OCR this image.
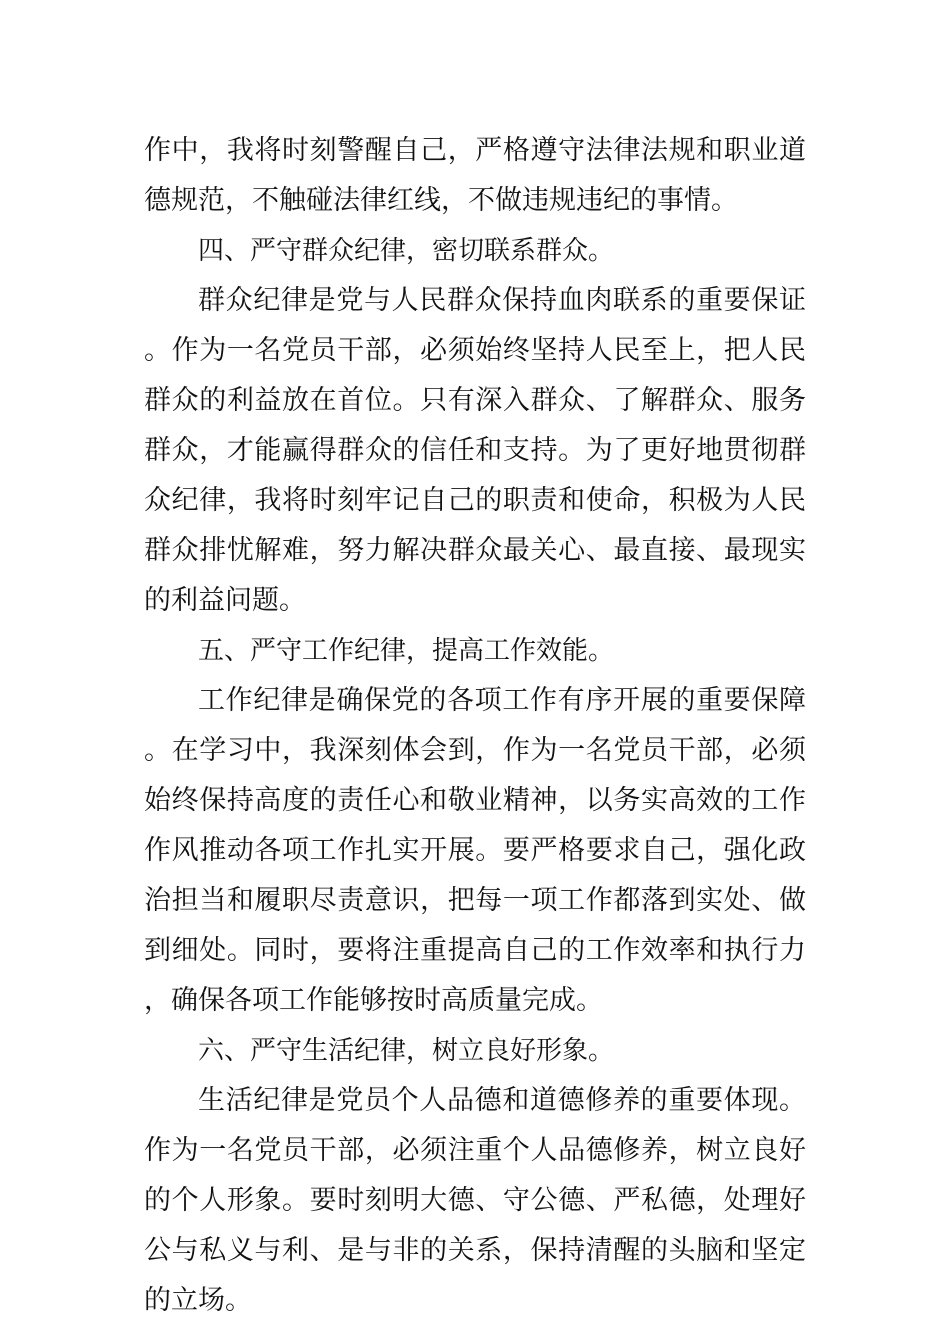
作中，我将时刻警醒自己，严格遵守法律法规和职业道德规范，不触碰法律红线，不做违规违纪的事情。

四、严守群众纪律，密切联系群众。

群众纪律是党与人民群众保持血肉联系的重要保证。作为一名党员干部，必须始终坚持人民至上，把人民群众的利益放在首位。只有深入群众、了解群众、服务群众，才能赢得群众的信任和支持。为了更好地贯彻群众纪律，我将时刻牢记自己的职责和使命，积极为人民群众排忧解难，努力解决群众最关心、最直接、最现实的利益问题。

五、严守工作纪律，提高工作效能。

工作纪律是确保党的各项工作有序开展的重要保障。在学习中，我深刻体会到，作为一名党员干部，必须始终保持高度的责任心和敬业精神，以务实高效的工作作风推动各项工作扎实开展。要严格要求自己，强化政治担当和履职尽责意识，把每一项工作都落到实处、做到细处。同时，要将注重提高自己的工作效率和执行力，确保各项工作能够按时高质量完成。

六、严守生活纪律，树立良好形象。

生活纪律是党员个人品德和道德修养的重要体现。作为一名党员干部，必须注重个人品德修养，树立良好的个人形象。要时刻明大德、守公德、严私德，处理好公与私义与利、是与非的关系，保持清醒的头脑和坚定的立场。
